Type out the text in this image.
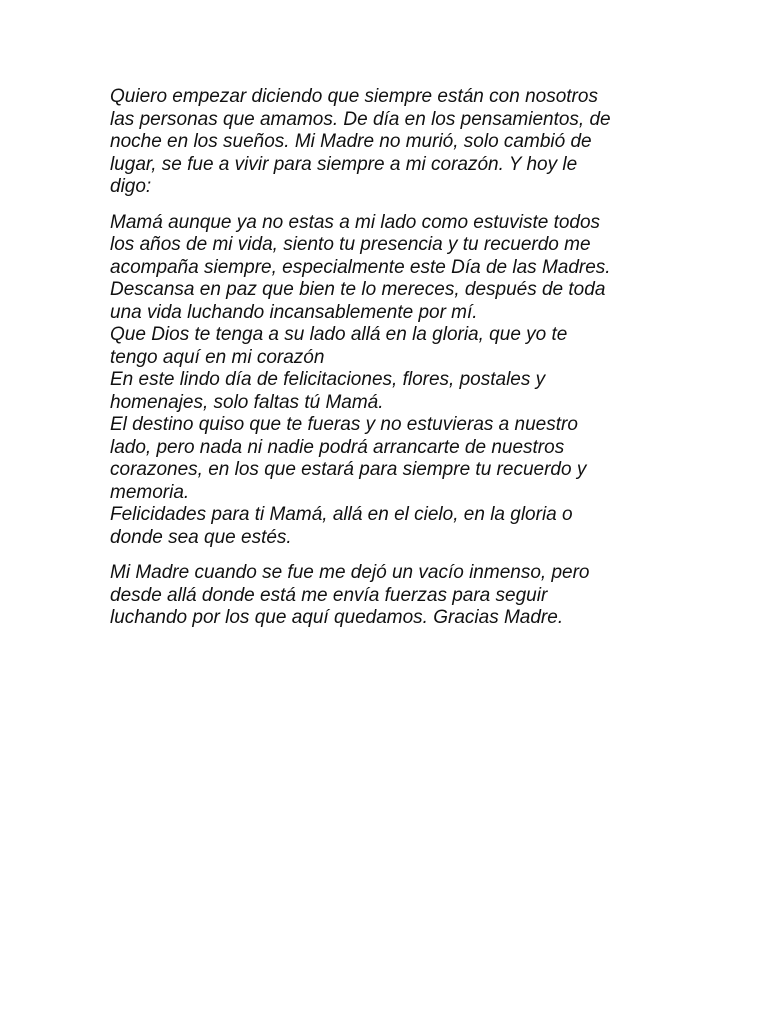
Quiero empezar diciendo que siempre están con nosotros
las personas que amamos. De día en los pensamientos, de
noche en los sueños. Mi Madre no murió, solo cambió de
lugar, se fue a vivir para siempre a mi corazón. Y hoy le
digo:

Mamá aunque ya no estas a mi lado como estuviste todos
los años de mi vida, siento tu presencia y tu recuerdo me
acompaña siempre, especialmente este Día de las Madres.
Descansa en paz que bien te lo mereces, después de toda
una vida luchando incansablemente por mí.
Que Dios te tenga a su lado allá en la gloria, que yo te
tengo aquí en mi corazón
En este lindo día de felicitaciones, flores, postales y
homenajes, solo faltas tú Mamá.
El destino quiso que te fueras y no estuvieras a nuestro
lado, pero nada ni nadie podrá arrancarte de nuestros
corazones, en los que estará para siempre tu recuerdo y
memoria.
Felicidades para ti Mamá, allá en el cielo, en la gloria o
donde sea que estés.

Mi Madre cuando se fue me dejó un vacío inmenso, pero
desde allá donde está me envía fuerzas para seguir
luchando por los que aquí quedamos. Gracias Madre.
